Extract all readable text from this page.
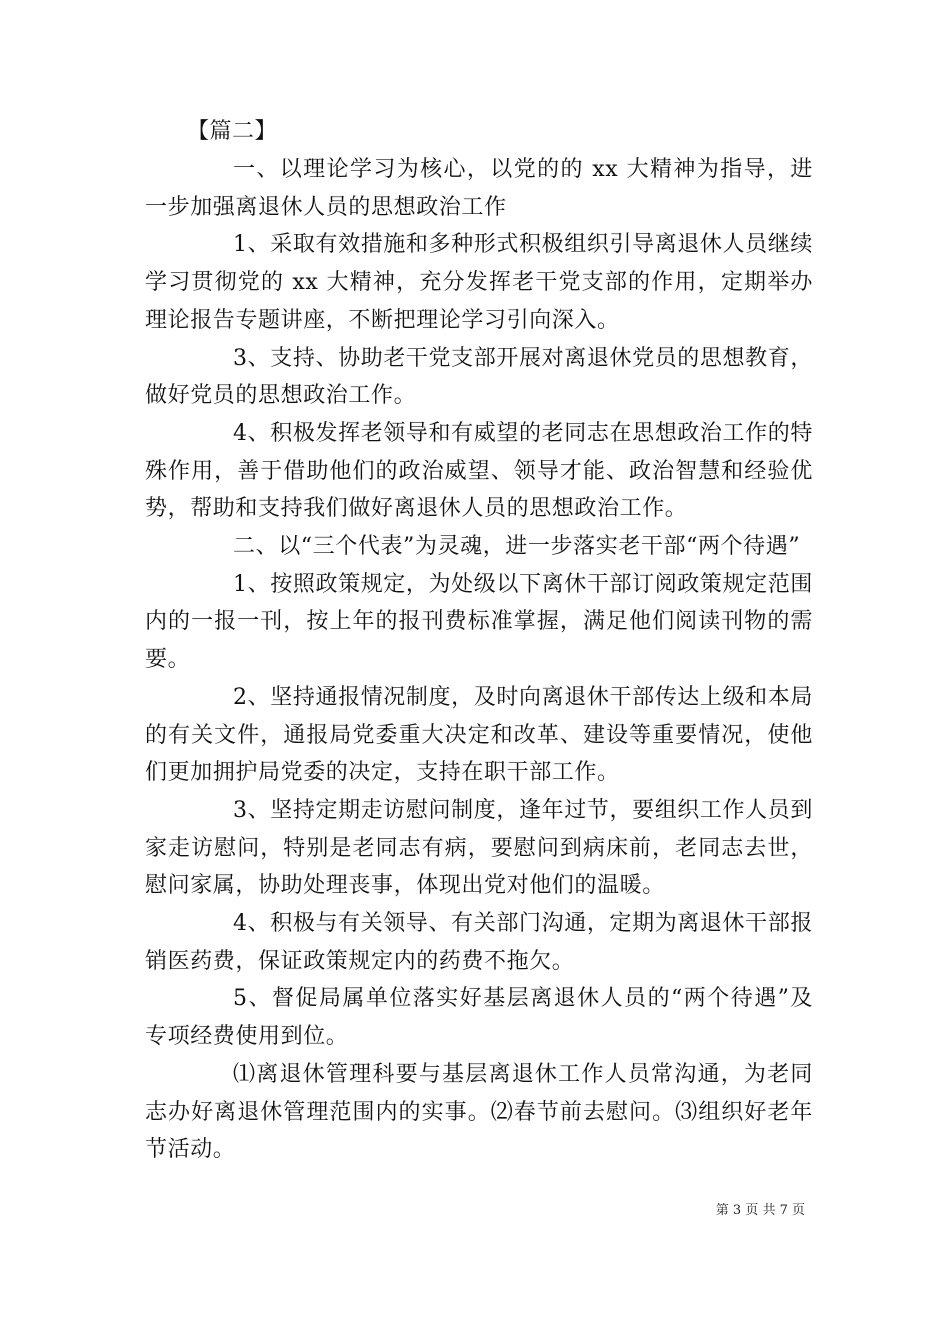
【篇二】

一、以理论学习为核心，以党的的 xx 大精神为指导，进一步加强离退休人员的思想政治工作

1、采取有效措施和多种形式积极组织引导离退休人员继续学习贯彻党的 xx 大精神，充分发挥老干党支部的作用，定期举办理论报告专题讲座，不断把理论学习引向深入。

3、支持、协助老干党支部开展对离退休党员的思想教育，做好党员的思想政治工作。

4、积极发挥老领导和有威望的老同志在思想政治工作的特殊作用，善于借助他们的政治威望、领导才能、政治智慧和经验优势，帮助和支持我们做好离退休人员的思想政治工作。

二、以“三个代表”为灵魂，进一步落实老干部“两个待遇”

1、按照政策规定，为处级以下离休干部订阅政策规定范围内的一报一刊，按上年的报刊费标准掌握，满足他们阅读刊物的需要。

2、坚持通报情况制度，及时向离退休干部传达上级和本局的有关文件，通报局党委重大决定和改革、建设等重要情况，使他们更加拥护局党委的决定，支持在职干部工作。

3、坚持定期走访慰问制度，逢年过节，要组织工作人员到家走访慰问，特别是老同志有病，要慰问到病床前，老同志去世，慰问家属，协助处理丧事，体现出党对他们的温暖。

4、积极与有关领导、有关部门沟通，定期为离退休干部报销医药费，保证政策规定内的药费不拖欠。

5、督促局属单位落实好基层离退休人员的“两个待遇”及专项经费使用到位。

⑴离退休管理科要与基层离退休工作人员常沟通，为老同志办好离退休管理范围内的实事。⑵春节前去慰问。⑶组织好老年节活动。

第 3 页 共 7 页
